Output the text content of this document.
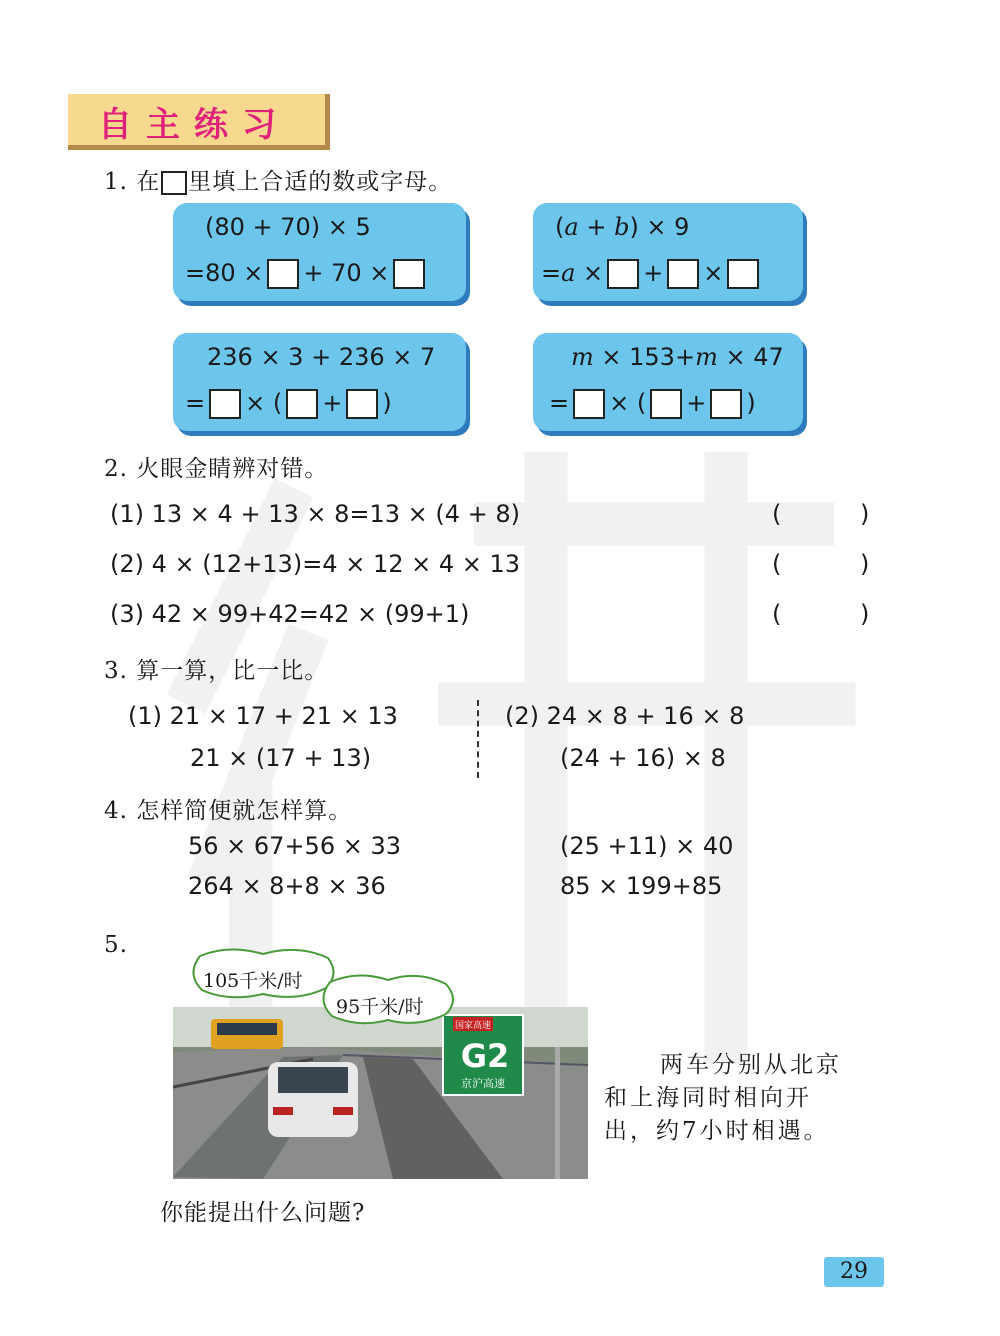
自主练习
1. 在 里填上合适的数或字母。
(80 + 70) × 5
=80 × + 70 ×
(a + b) × 9
=a × + ×
236 × 3 + 236 × 7
= × ( + )
m × 153+m × 47
= × ( + )
2. 火眼金睛辨对错。
(1) 13 × 4 + 13 × 8=13 × (4 + 8)	(	)
(2) 4 × (12+13)=4 × 12 × 4 × 13	(	)
(3) 42 × 99+42=42 × (99+1)	(	)
3. 算一算，比一比。
(1) 21 × 17 + 21 × 13
21 × (17 + 13)
(2) 24 × 8 + 16 × 8
(24 + 16) × 8
4. 怎样简便就怎样算。
56 × 67+56 × 33	(25 +11) × 40
264 × 8+8 × 36	85 × 199+85
5.
国家高速
G2
京沪高速
105千米/时
95千米/时
两车分别从北京
和上海同时相向开
出，约7小时相遇。
你能提出什么问题?
29
